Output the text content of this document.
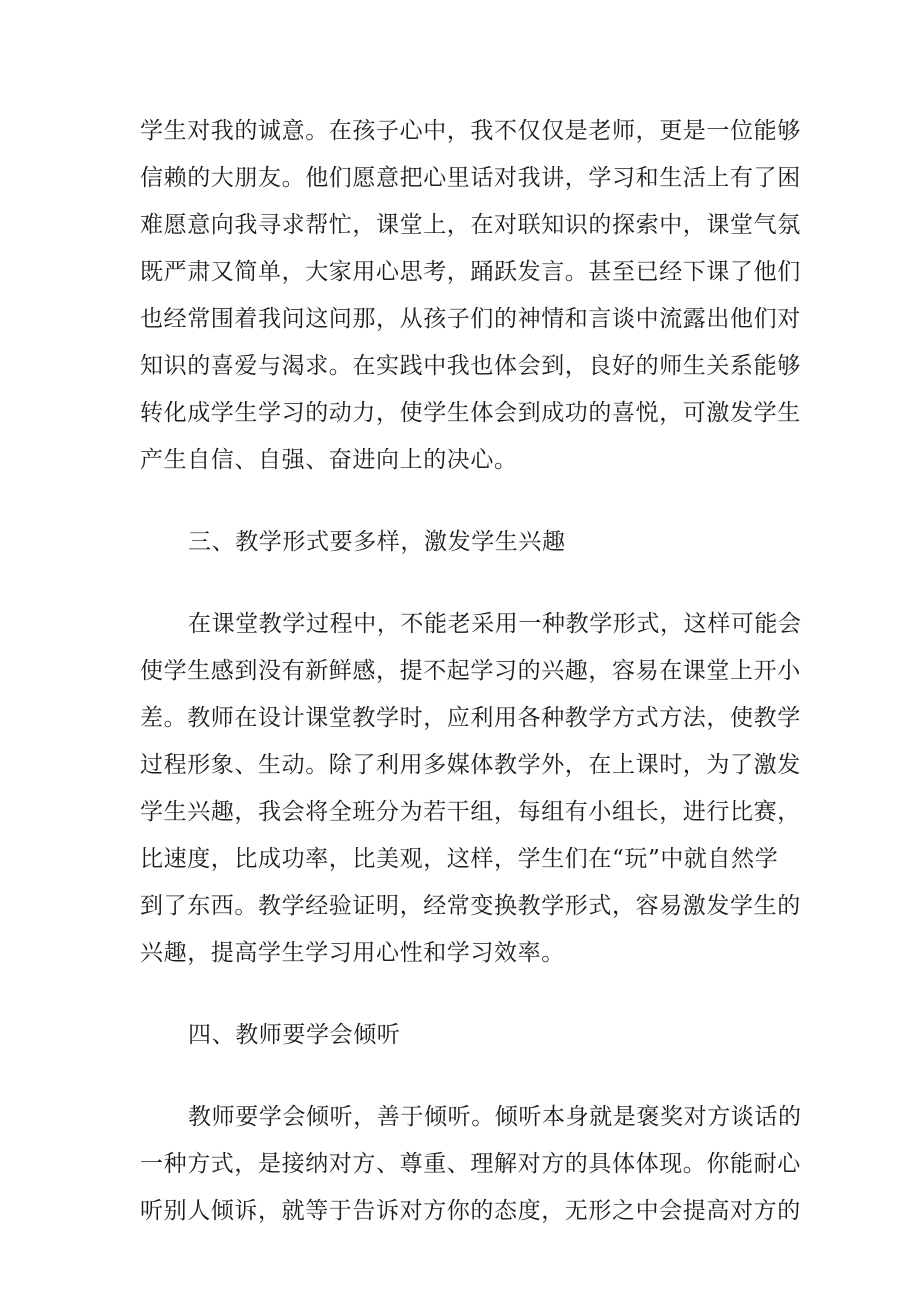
学生对我的诚意。在孩子心中，我不仅仅是老师，更是一位能够
信赖的大朋友。他们愿意把心里话对我讲，学习和生活上有了困
难愿意向我寻求帮忙，课堂上，在对联知识的探索中，课堂气氛
既严肃又简单，大家用心思考，踊跃发言。甚至已经下课了他们
也经常围着我问这问那，从孩子们的神情和言谈中流露出他们对
知识的喜爱与渴求。在实践中我也体会到，良好的师生关系能够
转化成学生学习的动力，使学生体会到成功的喜悦，可激发学生
产生自信、自强、奋进向上的决心。
三、教学形式要多样，激发学生兴趣
在课堂教学过程中，不能老采用一种教学形式，这样可能会
使学生感到没有新鲜感，提不起学习的兴趣，容易在课堂上开小
差。教师在设计课堂教学时，应利用各种教学方式方法，使教学
过程形象、生动。除了利用多媒体教学外，在上课时，为了激发
学生兴趣，我会将全班分为若干组，每组有小组长，进行比赛，
比速度，比成功率，比美观，这样，学生们在“玩”中就自然学
到了东西。教学经验证明，经常变换教学形式，容易激发学生的
兴趣，提高学生学习用心性和学习效率。
四、教师要学会倾听
教师要学会倾听，善于倾听。倾听本身就是褒奖对方谈话的
一种方式，是接纳对方、尊重、理解对方的具体体现。你能耐心
听别人倾诉，就等于告诉对方你的态度，无形之中会提高对方的
